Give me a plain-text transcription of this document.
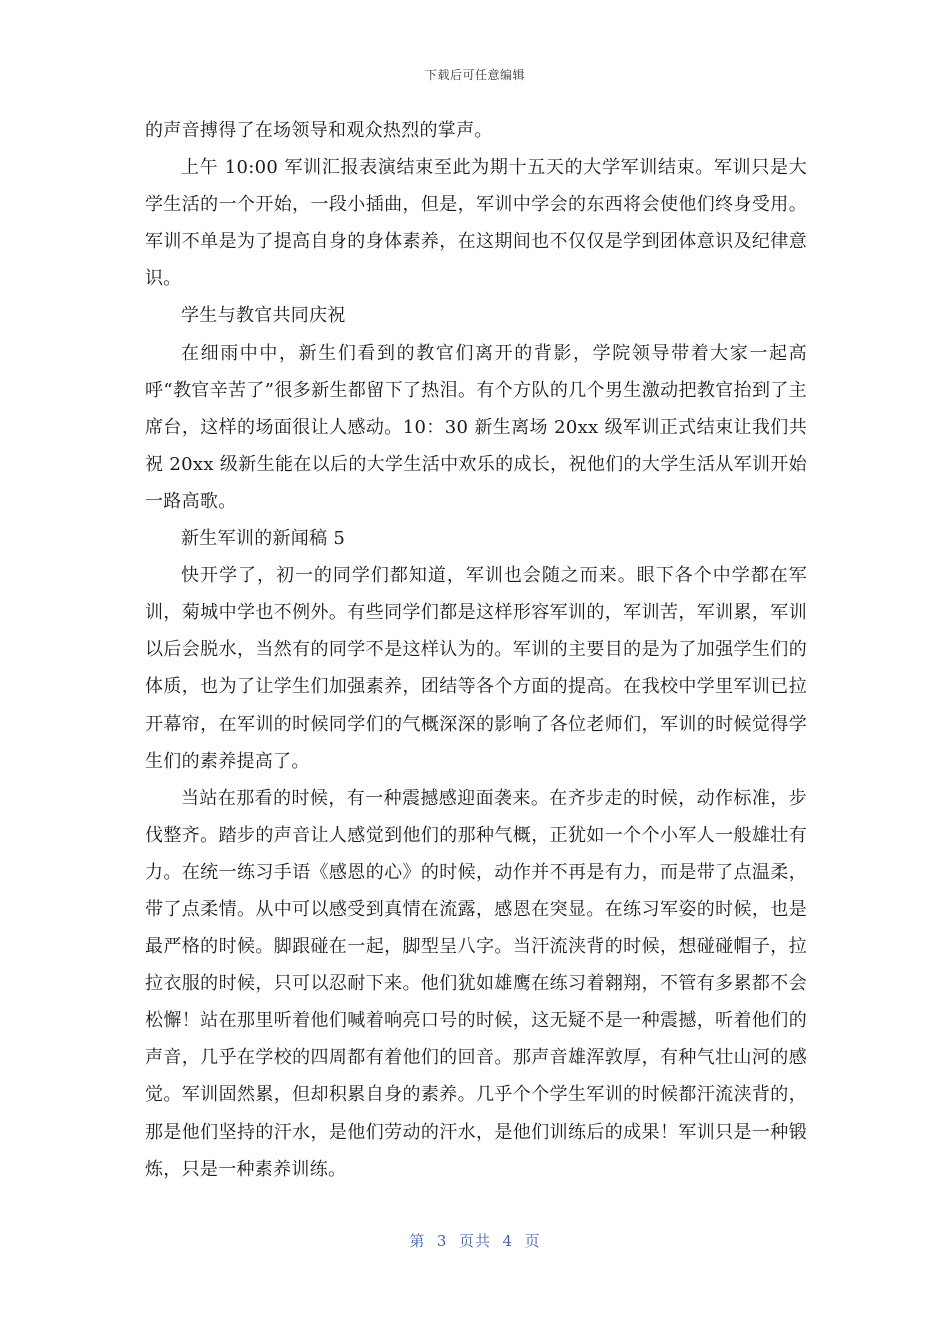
下载后可任意编辑

的声音搏得了在场领导和观众热烈的掌声。

上午 10:00 军训汇报表演结束至此为期十五天的大学军训结束。军训只是大学生活的一个开始，一段小插曲，但是，军训中学会的东西将会使他们终身受用。军训不单是为了提高自身的身体素养，在这期间也不仅仅是学到团体意识及纪律意识。

学生与教官共同庆祝

在细雨中中，新生们看到的教官们离开的背影，学院领导带着大家一起高呼“教官辛苦了”很多新生都留下了热泪。有个方队的几个男生激动把教官抬到了主席台，这样的场面很让人感动。10：30 新生离场 20xx 级军训正式结束让我们共祝 20xx 级新生能在以后的大学生活中欢乐的成长，祝他们的大学生活从军训开始一路高歌。

新生军训的新闻稿 5

快开学了，初一的同学们都知道，军训也会随之而来。眼下各个中学都在军训，菊城中学也不例外。有些同学们都是这样形容军训的，军训苦，军训累，军训以后会脱水，当然有的同学不是这样认为的。军训的主要目的是为了加强学生们的体质，也为了让学生们加强素养，团结等各个方面的提高。在我校中学里军训已拉开幕帘，在军训的时候同学们的气概深深的影响了各位老师们，军训的时候觉得学生们的素养提高了。

当站在那看的时候，有一种震撼感迎面袭来。在齐步走的时候，动作标准，步伐整齐。踏步的声音让人感觉到他们的那种气概，正犹如一个个小军人一般雄壮有力。在统一练习手语《感恩的心》的时候，动作并不再是有力，而是带了点温柔，带了点柔情。从中可以感受到真情在流露，感恩在突显。在练习军姿的时候，也是最严格的时候。脚跟碰在一起，脚型呈八字。当汗流浃背的时候，想碰碰帽子，拉拉衣服的时候，只可以忍耐下来。他们犹如雄鹰在练习着翱翔，不管有多累都不会松懈！站在那里听着他们喊着响亮口号的时候，这无疑不是一种震撼，听着他们的声音，几乎在学校的四周都有着他们的回音。那声音雄浑敦厚，有种气壮山河的感觉。军训固然累，但却积累自身的素养。几乎个个学生军训的时候都汗流浃背的，那是他们坚持的汗水，是他们劳动的汗水，是他们训练后的成果！军训只是一种锻炼，只是一种素养训练。

第  3  页共  4  页
